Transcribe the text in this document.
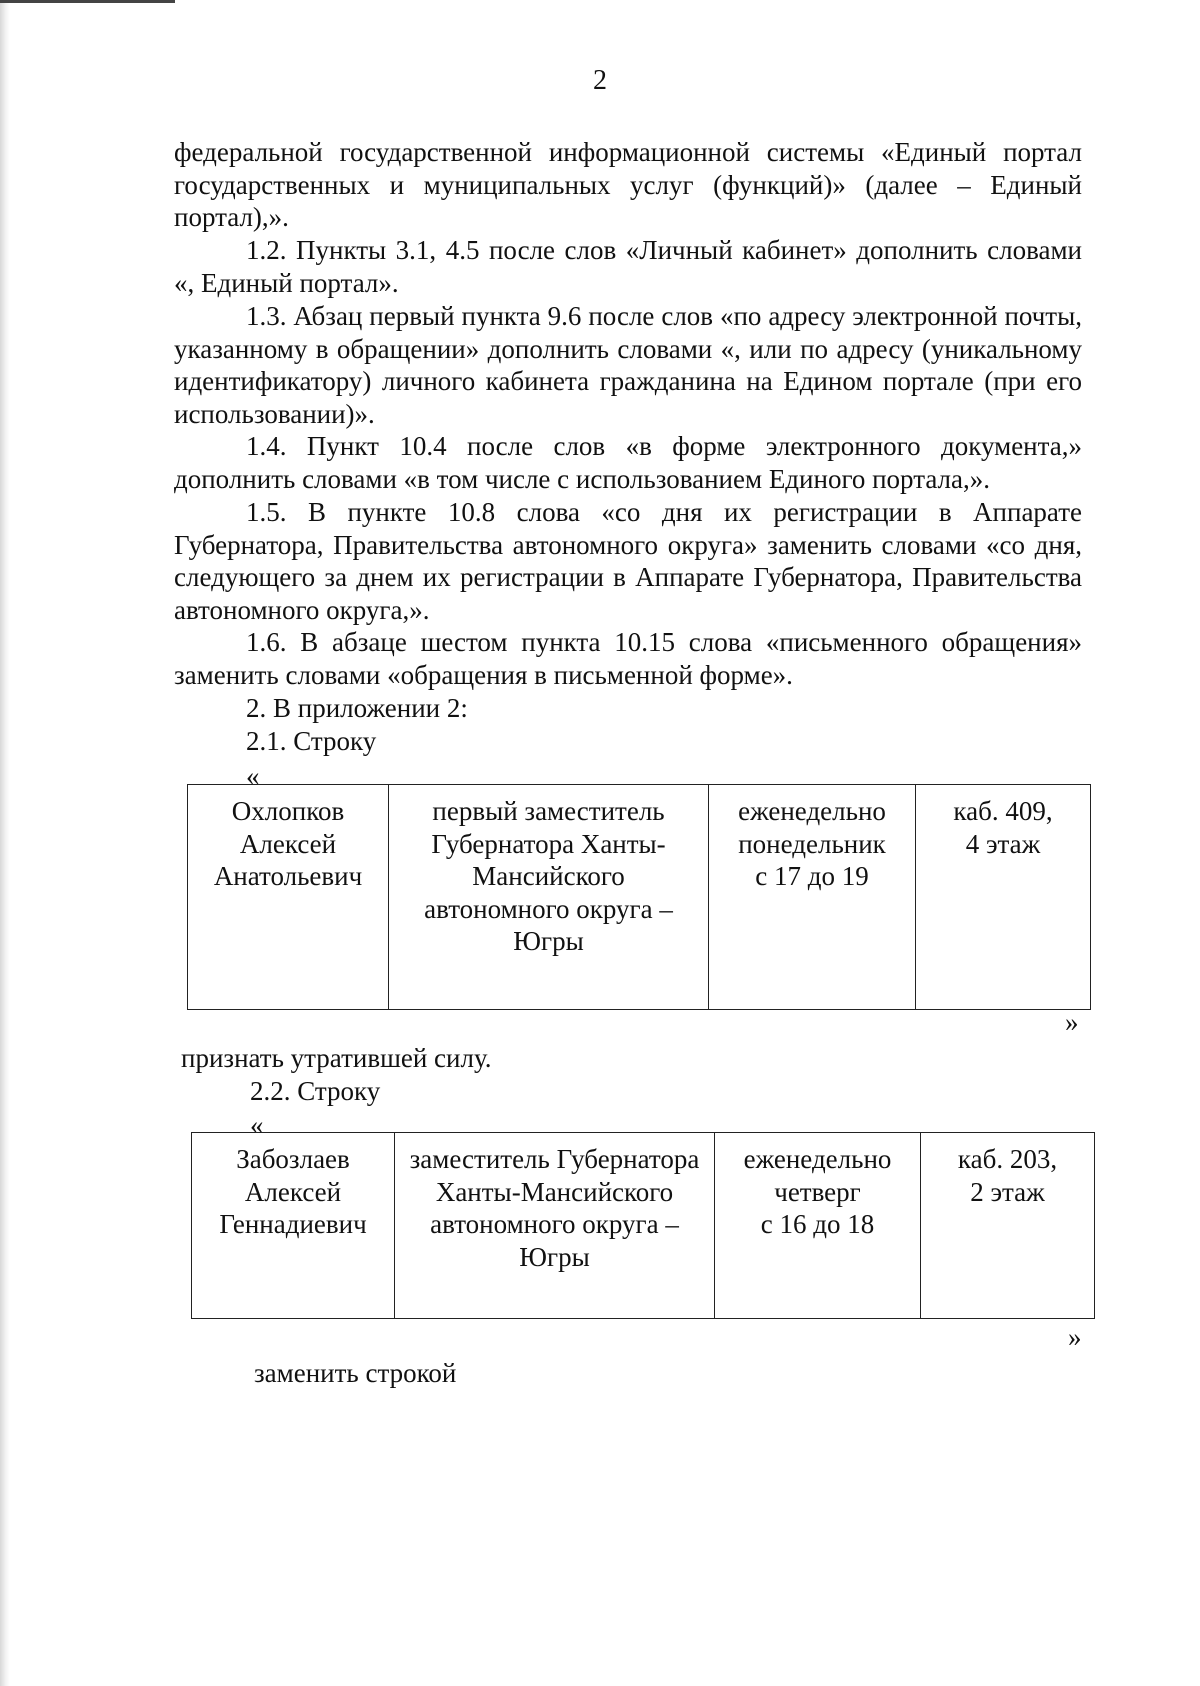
2

федеральной государственной информационной системы «Единый портал государственных и муниципальных услуг (функций)» (далее – Единый портал),».

1.2. Пункты 3.1, 4.5 после слов «Личный кабинет» дополнить словами «, Единый портал».

1.3. Абзац первый пункта 9.6 после слов «по адресу электронной почты, указанному в обращении» дополнить словами «, или по адресу (уникальному идентификатору) личного кабинета гражданина на Едином портале (при его использовании)».

1.4. Пункт 10.4 после слов «в форме электронного документа,» дополнить словами «в том числе с использованием Единого портала,».

1.5. В пункте 10.8 слова «со дня их регистрации в Аппарате Губернатора, Правительства автономного округа» заменить словами «со дня, следующего за днем их регистрации в Аппарате Губернатора, Правительства автономного округа,».

1.6. В абзаце шестом пункта 10.15 слова «письменного обращения» заменить словами «обращения в письменной форме».

2. В приложении 2:

2.1. Строку

«
Охлопков
Алексей
Анатольевич	первый заместитель
Губернатора Ханты-
Мансийского
автономного округа –
Югры	еженедельно
понедельник
с 17 до 19	каб. 409,
4 этаж
»

признать утратившей силу.

2.2. Строку

«
Забозлаев
Алексей
Геннадиевич	заместитель Губернатора
Ханты-Мансийского
автономного округа –
Югры	еженедельно
четверг
с 16 до 18	каб. 203,
2 этаж
»

заменить строкой
